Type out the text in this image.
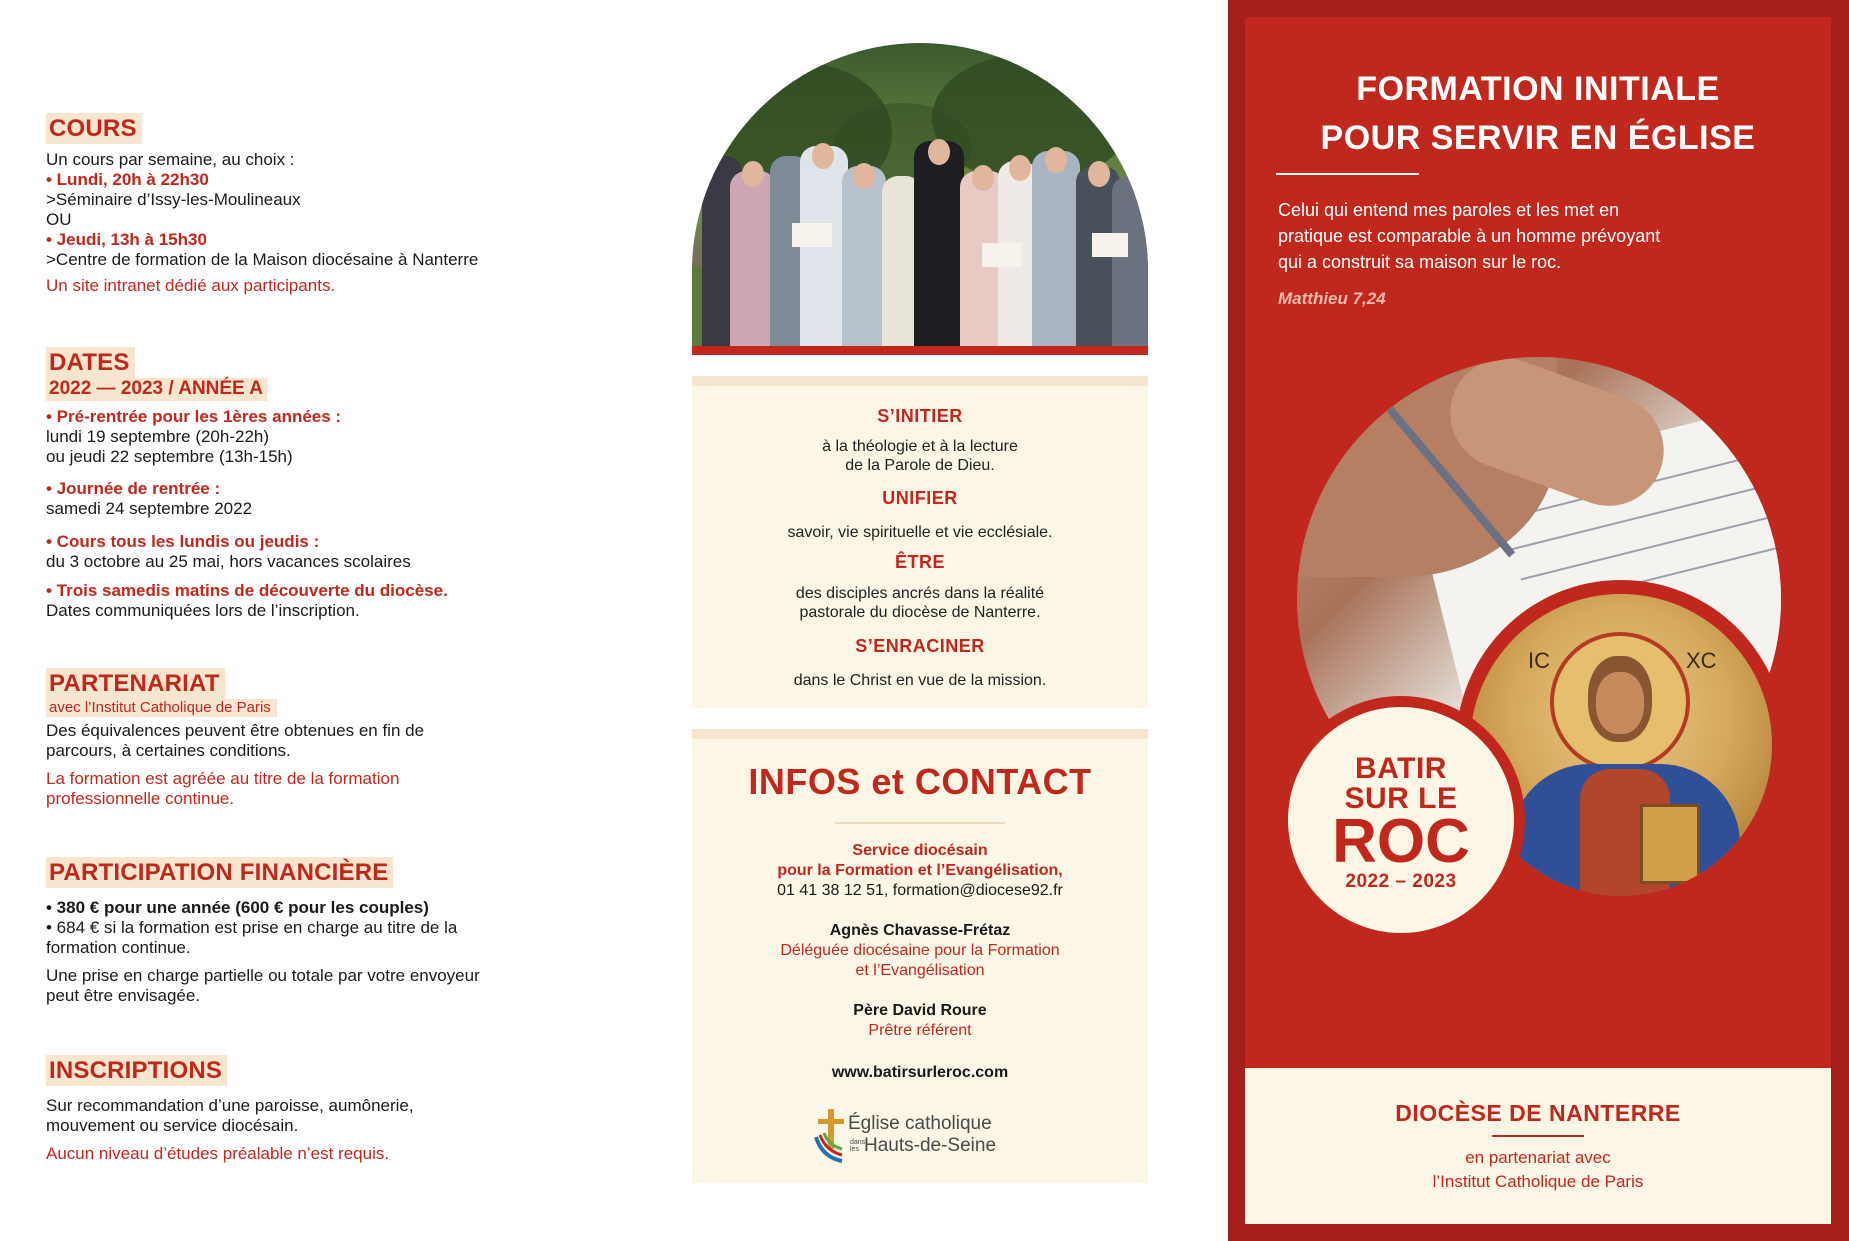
COURS
Un cours par semaine, au choix :
• Lundi, 20h à 22h30
>Séminaire d’Issy-les-Moulineaux
OU
• Jeudi, 13h à 15h30
>Centre de formation de la Maison diocésaine à Nanterre
Un site intranet dédié aux participants.
DATES
2022 — 2023 / ANNÉE A
• Pré-rentrée pour les 1ères années :
lundi 19 septembre (20h-22h)
ou jeudi 22 septembre (13h-15h)
• Journée de rentrée :
samedi 24 septembre 2022
• Cours tous les lundis ou jeudis :
du 3 octobre au 25 mai, hors vacances scolaires
• Trois samedis matins de découverte du diocèse.
Dates communiquées lors de l’inscription.
PARTENARIAT
avec l’Institut Catholique de Paris
Des équivalences peuvent être obtenues en fin de
parcours, à certaines conditions.
La formation est agréée au titre de la formation
professionnelle continue.
PARTICIPATION FINANCIÈRE
• 380 € pour une année (600 € pour les couples)
• 684 € si la formation est prise en charge au titre de la
formation continue.
Une prise en charge partielle ou totale par votre envoyeur
peut être envisagée.
INSCRIPTIONS
Sur recommandation d’une paroisse, aumônerie,
mouvement ou service diocésain.
Aucun niveau d’études préalable n’est requis.
S’INITIER
à la théologie et à la lecture
de la Parole de Dieu.
UNIFIER
savoir, vie spirituelle et vie ecclésiale.
ÊTRE
des disciples ancrés dans la réalité
pastorale du diocèse de Nanterre.
S’ENRACINER
dans le Christ en vue de la mission.
INFOS et CONTACT
Service diocésain
pour la Formation et l’Evangélisation,
01 41 38 12 51, formation@diocese92.fr
Agnès Chavasse-Frétaz
Déléguée diocésaine pour la Formation
et l’Evangélisation
Père David Roure
Prêtre référent
www.batirsurleroc.com
Église catholique
dans les Hauts-de-Seine
FORMATION INITIALE
POUR SERVIR EN ÉGLISE
Celui qui entend mes paroles et les met en
pratique est comparable à un homme prévoyant
qui a construit sa maison sur le roc.
Matthieu 7,24
IC	XC
BATIR
SUR LE
ROC
2022 – 2023
DIOCÈSE DE NANTERRE
en partenariat avec
l’Institut Catholique de Paris
